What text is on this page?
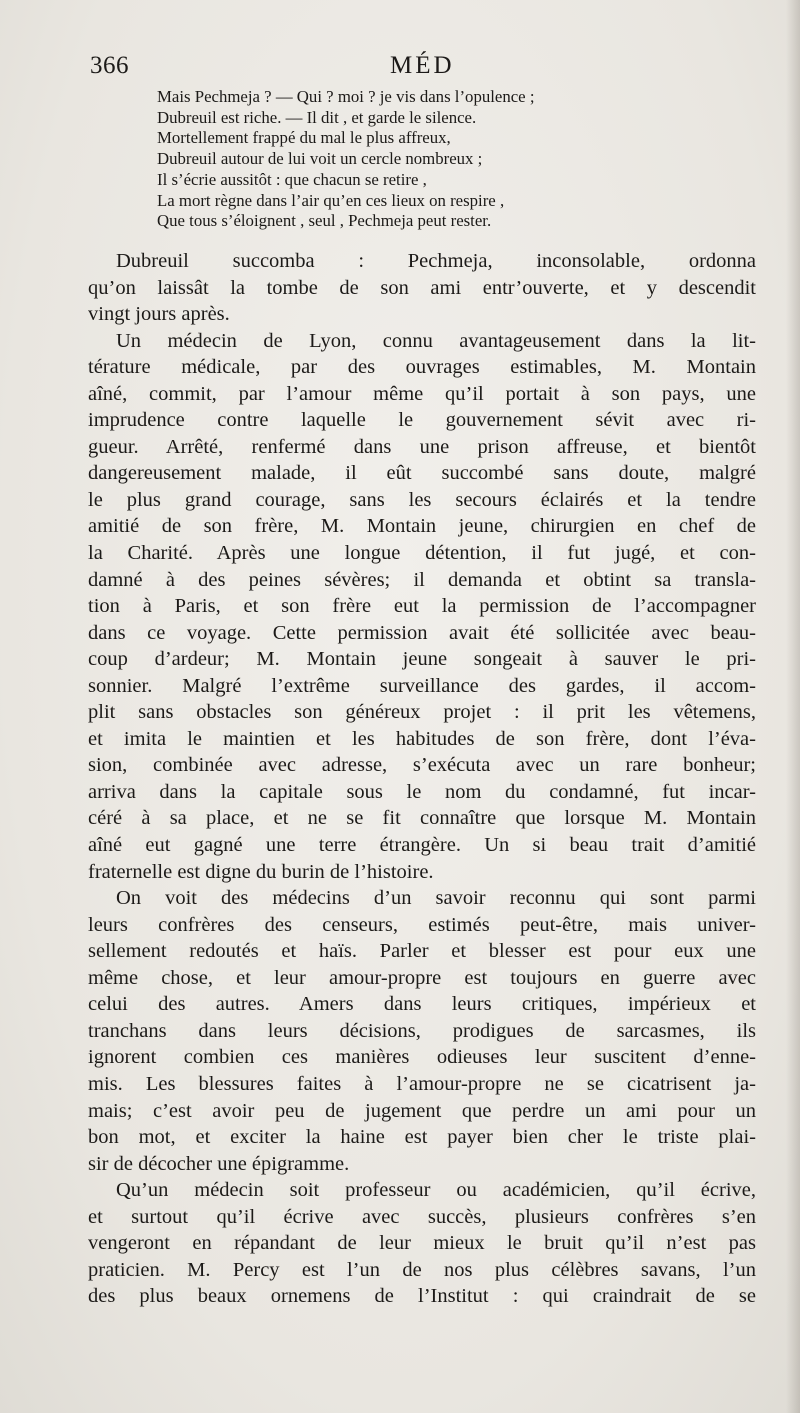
366	MÉD
Mais Pechmeja ? — Qui ? moi ? je vis dans l’opulence ;
Dubreuil est riche. — Il dit , et garde le silence.
Mortellement frappé du mal le plus affreux,
Dubreuil autour de lui voit un cercle nombreux ;
Il s’écrie aussitôt : que chacun se retire ,
La mort règne dans l’air qu’en ces lieux on respire ,
Que tous s’éloignent , seul , Pechmeja peut rester.
Dubreuil succomba : Pechmeja, inconsolable, ordonna
qu’on laissât la tombe de son ami entr’ouverte, et y descendit
vingt jours après.
Un médecin de Lyon, connu avantageusement dans la lit-
térature médicale, par des ouvrages estimables, M. Montain
aîné, commit, par l’amour même qu’il portait à son pays, une
imprudence contre laquelle le gouvernement sévit avec ri-
gueur. Arrêté, renfermé dans une prison affreuse, et bientôt
dangereusement malade, il eût succombé sans doute, malgré
le plus grand courage, sans les secours éclairés et la tendre
amitié de son frère, M. Montain jeune, chirurgien en chef de
la Charité. Après une longue détention, il fut jugé, et con-
damné à des peines sévères; il demanda et obtint sa transla-
tion à Paris, et son frère eut la permission de l’accompagner
dans ce voyage. Cette permission avait été sollicitée avec beau-
coup d’ardeur; M. Montain jeune songeait à sauver le pri-
sonnier. Malgré l’extrême surveillance des gardes, il accom-
plit sans obstacles son généreux projet : il prit les vêtemens,
et imita le maintien et les habitudes de son frère, dont l’éva-
sion, combinée avec adresse, s’exécuta avec un rare bonheur;
arriva dans la capitale sous le nom du condamné, fut incar-
céré à sa place, et ne se fit connaître que lorsque M. Montain
aîné eut gagné une terre étrangère. Un si beau trait d’amitié
fraternelle est digne du burin de l’histoire.
On voit des médecins d’un savoir reconnu qui sont parmi
leurs confrères des censeurs, estimés peut-être, mais univer-
sellement redoutés et haïs. Parler et blesser est pour eux une
même chose, et leur amour-propre est toujours en guerre avec
celui des autres. Amers dans leurs critiques, impérieux et
tranchans dans leurs décisions, prodigues de sarcasmes, ils
ignorent combien ces manières odieuses leur suscitent d’enne-
mis. Les blessures faites à l’amour-propre ne se cicatrisent ja-
mais; c’est avoir peu de jugement que perdre un ami pour un
bon mot, et exciter la haine est payer bien cher le triste plai-
sir de décocher une épigramme.
Qu’un médecin soit professeur ou académicien, qu’il écrive,
et surtout qu’il écrive avec succès, plusieurs confrères s’en
vengeront en répandant de leur mieux le bruit qu’il n’est pas
praticien. M. Percy est l’un de nos plus célèbres savans, l’un
des plus beaux ornemens de l’Institut : qui craindrait de se
